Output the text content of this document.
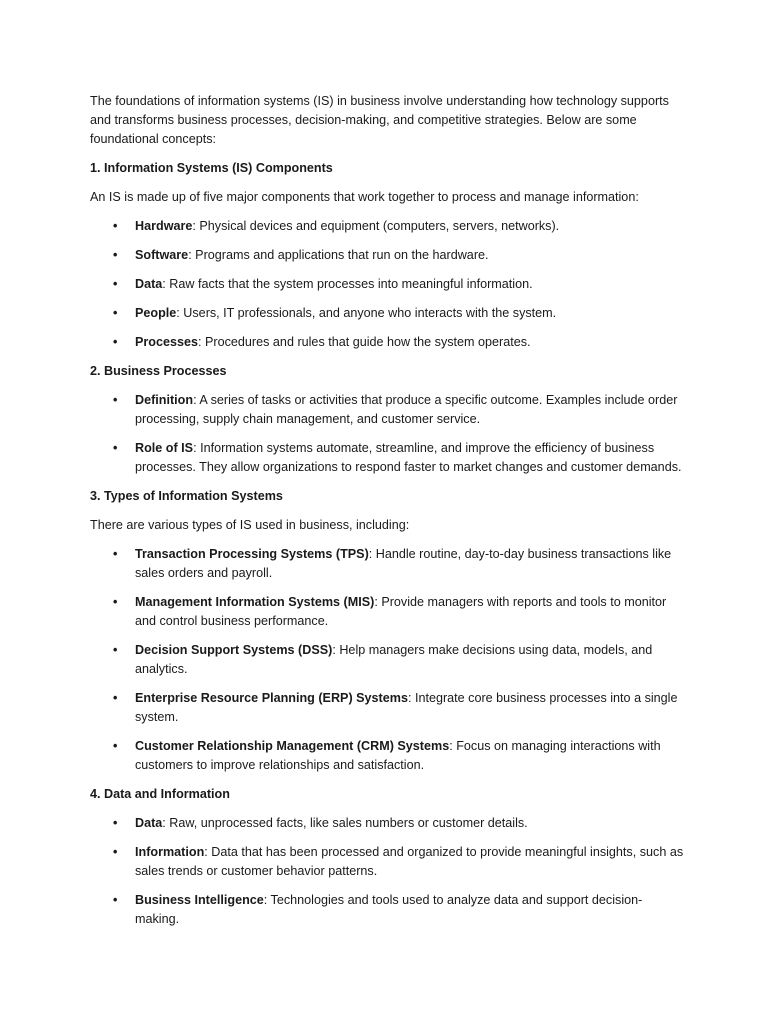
The foundations of information systems (IS) in business involve understanding how technology supports and transforms business processes, decision-making, and competitive strategies. Below are some foundational concepts:

1. Information Systems (IS) Components

An IS is made up of five major components that work together to process and manage information:

• Hardware: Physical devices and equipment (computers, servers, networks).
• Software: Programs and applications that run on the hardware.
• Data: Raw facts that the system processes into meaningful information.
• People: Users, IT professionals, and anyone who interacts with the system.
• Processes: Procedures and rules that guide how the system operates.

2. Business Processes

• Definition: A series of tasks or activities that produce a specific outcome. Examples include order processing, supply chain management, and customer service.
• Role of IS: Information systems automate, streamline, and improve the efficiency of business processes. They allow organizations to respond faster to market changes and customer demands.

3. Types of Information Systems

There are various types of IS used in business, including:

• Transaction Processing Systems (TPS): Handle routine, day-to-day business transactions like sales orders and payroll.
• Management Information Systems (MIS): Provide managers with reports and tools to monitor and control business performance.
• Decision Support Systems (DSS): Help managers make decisions using data, models, and analytics.
• Enterprise Resource Planning (ERP) Systems: Integrate core business processes into a single system.
• Customer Relationship Management (CRM) Systems: Focus on managing interactions with customers to improve relationships and satisfaction.

4. Data and Information

• Data: Raw, unprocessed facts, like sales numbers or customer details.
• Information: Data that has been processed and organized to provide meaningful insights, such as sales trends or customer behavior patterns.
• Business Intelligence: Technologies and tools used to analyze data and support decision-making.
